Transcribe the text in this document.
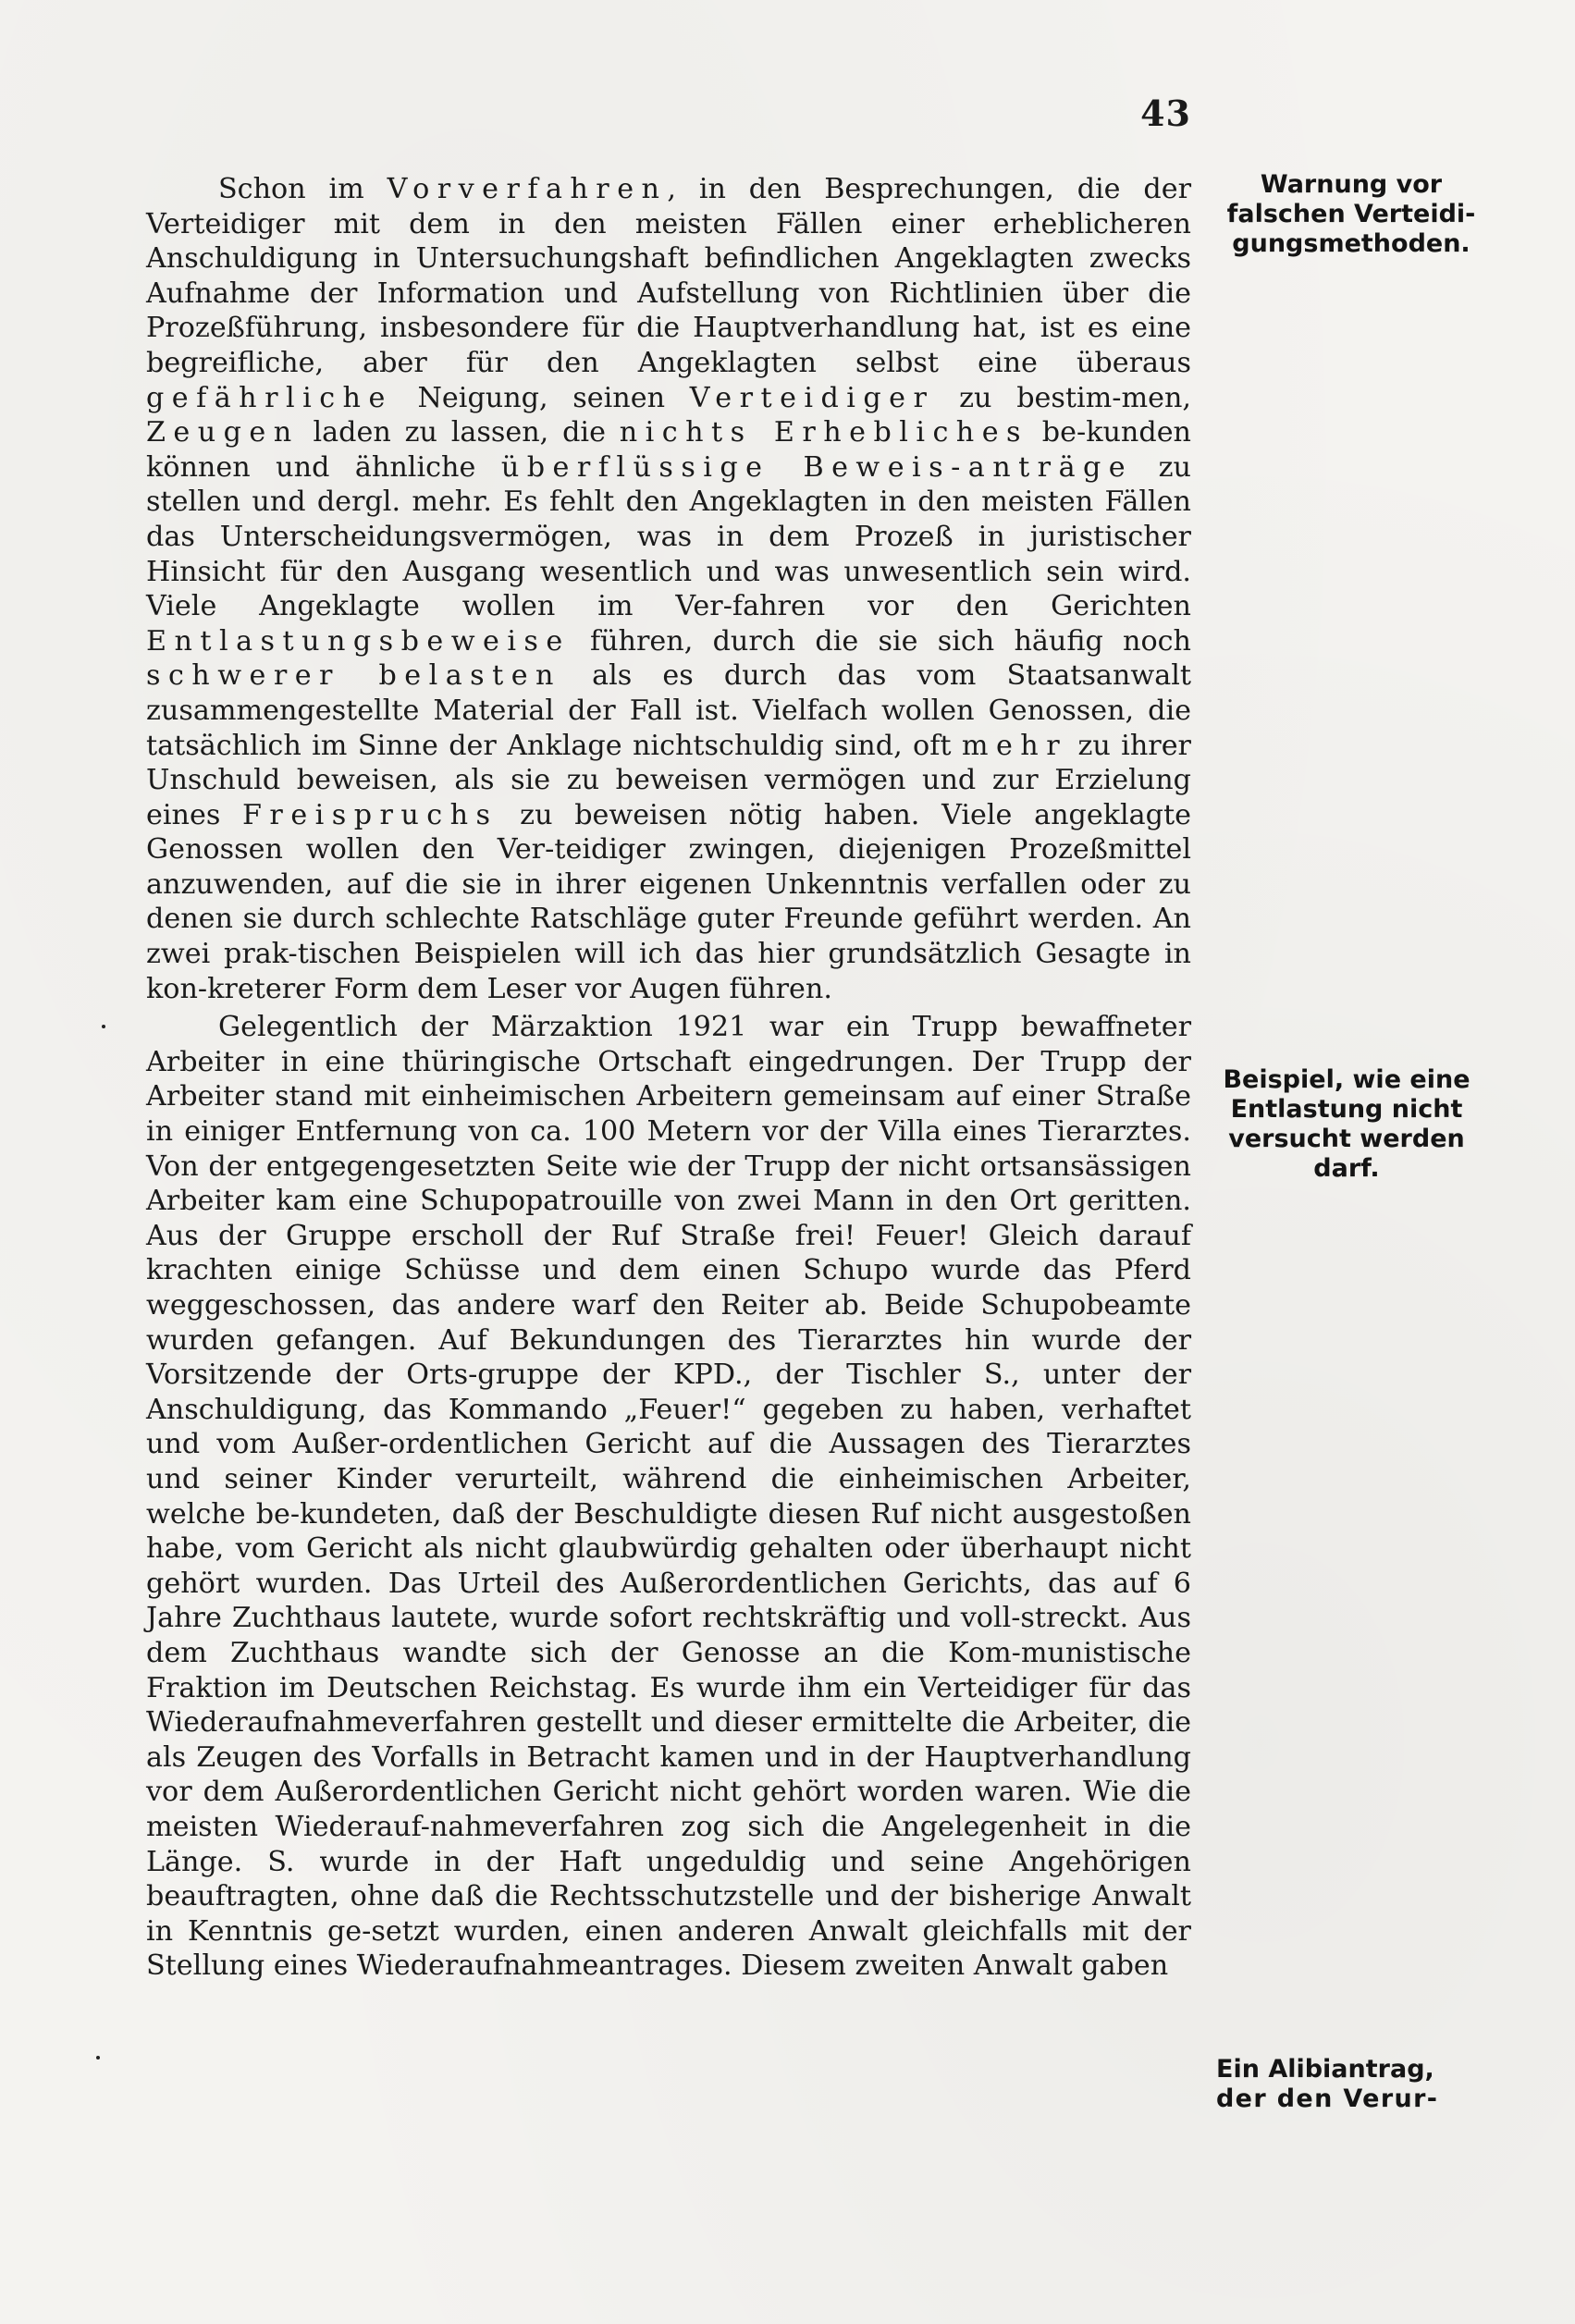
43

Schon im Vorverfahren, in den Besprechungen, die der Verteidiger mit dem in den meisten Fällen einer erheblicheren Anschuldigung in Untersuchungshaft befindlichen Angeklagten zwecks Aufnahme der Information und Aufstellung von Richtlinien über die Prozeßführung, insbesondere für die Hauptverhandlung hat, ist es eine begreifliche, aber für den Angeklagten selbst eine überaus gefährliche Neigung, seinen Verteidiger zu bestim-men, Zeugen laden zu lassen, die nichts Erhebliches be-kunden können und ähnliche überflüssige Beweis-anträge zu stellen und dergl. mehr. Es fehlt den Angeklagten in den meisten Fällen das Unterscheidungsvermögen, was in dem Prozeß in juristischer Hinsicht für den Ausgang wesentlich und was unwesentlich sein wird. Viele Angeklagte wollen im Ver-fahren vor den Gerichten Entlastungsbeweise führen, durch die sie sich häufig noch schwerer belasten als es durch das vom Staatsanwalt zusammengestellte Material der Fall ist. Vielfach wollen Genossen, die tatsächlich im Sinne der Anklage nichtschuldig sind, oft mehr zu ihrer Unschuld beweisen, als sie zu beweisen vermögen und zur Erzielung eines Freispruchs zu beweisen nötig haben. Viele angeklagte Genossen wollen den Ver-teidiger zwingen, diejenigen Prozeßmittel anzuwenden, auf die sie in ihrer eigenen Unkenntnis verfallen oder zu denen sie durch schlechte Ratschläge guter Freunde geführt werden. An zwei prak-tischen Beispielen will ich das hier grundsätzlich Gesagte in kon-kreterer Form dem Leser vor Augen führen.

Gelegentlich der Märzaktion 1921 war ein Trupp bewaffneter Arbeiter in eine thüringische Ortschaft eingedrungen. Der Trupp der Arbeiter stand mit einheimischen Arbeitern gemeinsam auf einer Straße in einiger Entfernung von ca. 100 Metern vor der Villa eines Tierarztes. Von der entgegengesetzten Seite wie der Trupp der nicht ortsansässigen Arbeiter kam eine Schupopatrouille von zwei Mann in den Ort geritten. Aus der Gruppe erscholl der Ruf Straße frei! Feuer! Gleich darauf krachten einige Schüsse und dem einen Schupo wurde das Pferd weggeschossen, das andere warf den Reiter ab. Beide Schupobeamte wurden gefangen. Auf Bekundungen des Tierarztes hin wurde der Vorsitzende der Orts-gruppe der KPD., der Tischler S., unter der Anschuldigung, das Kommando „Feuer!“ gegeben zu haben, verhaftet und vom Außer-ordentlichen Gericht auf die Aussagen des Tierarztes und seiner Kinder verurteilt, während die einheimischen Arbeiter, welche be-kundeten, daß der Beschuldigte diesen Ruf nicht ausgestoßen habe, vom Gericht als nicht glaubwürdig gehalten oder überhaupt nicht gehört wurden. Das Urteil des Außerordentlichen Gerichts, das auf 6 Jahre Zuchthaus lautete, wurde sofort rechtskräftig und voll-streckt. Aus dem Zuchthaus wandte sich der Genosse an die Kom-munistische Fraktion im Deutschen Reichstag. Es wurde ihm ein Verteidiger für das Wiederaufnahmeverfahren gestellt und dieser ermittelte die Arbeiter, die als Zeugen des Vorfalls in Betracht kamen und in der Hauptverhandlung vor dem Außerordentlichen Gericht nicht gehört worden waren. Wie die meisten Wiederauf-nahmeverfahren zog sich die Angelegenheit in die Länge. S. wurde in der Haft ungeduldig und seine Angehörigen beauftragten, ohne daß die Rechtsschutzstelle und der bisherige Anwalt in Kenntnis ge-setzt wurden, einen anderen Anwalt gleichfalls mit der Stellung eines Wiederaufnahmeantrages. Diesem zweiten Anwalt gaben

Warnung vor
falschen Verteidi-
gungsmethoden.
Beispiel, wie eine
Entlastung nicht
versucht werden
darf.
Ein Alibiantrag,
der den Verur-
